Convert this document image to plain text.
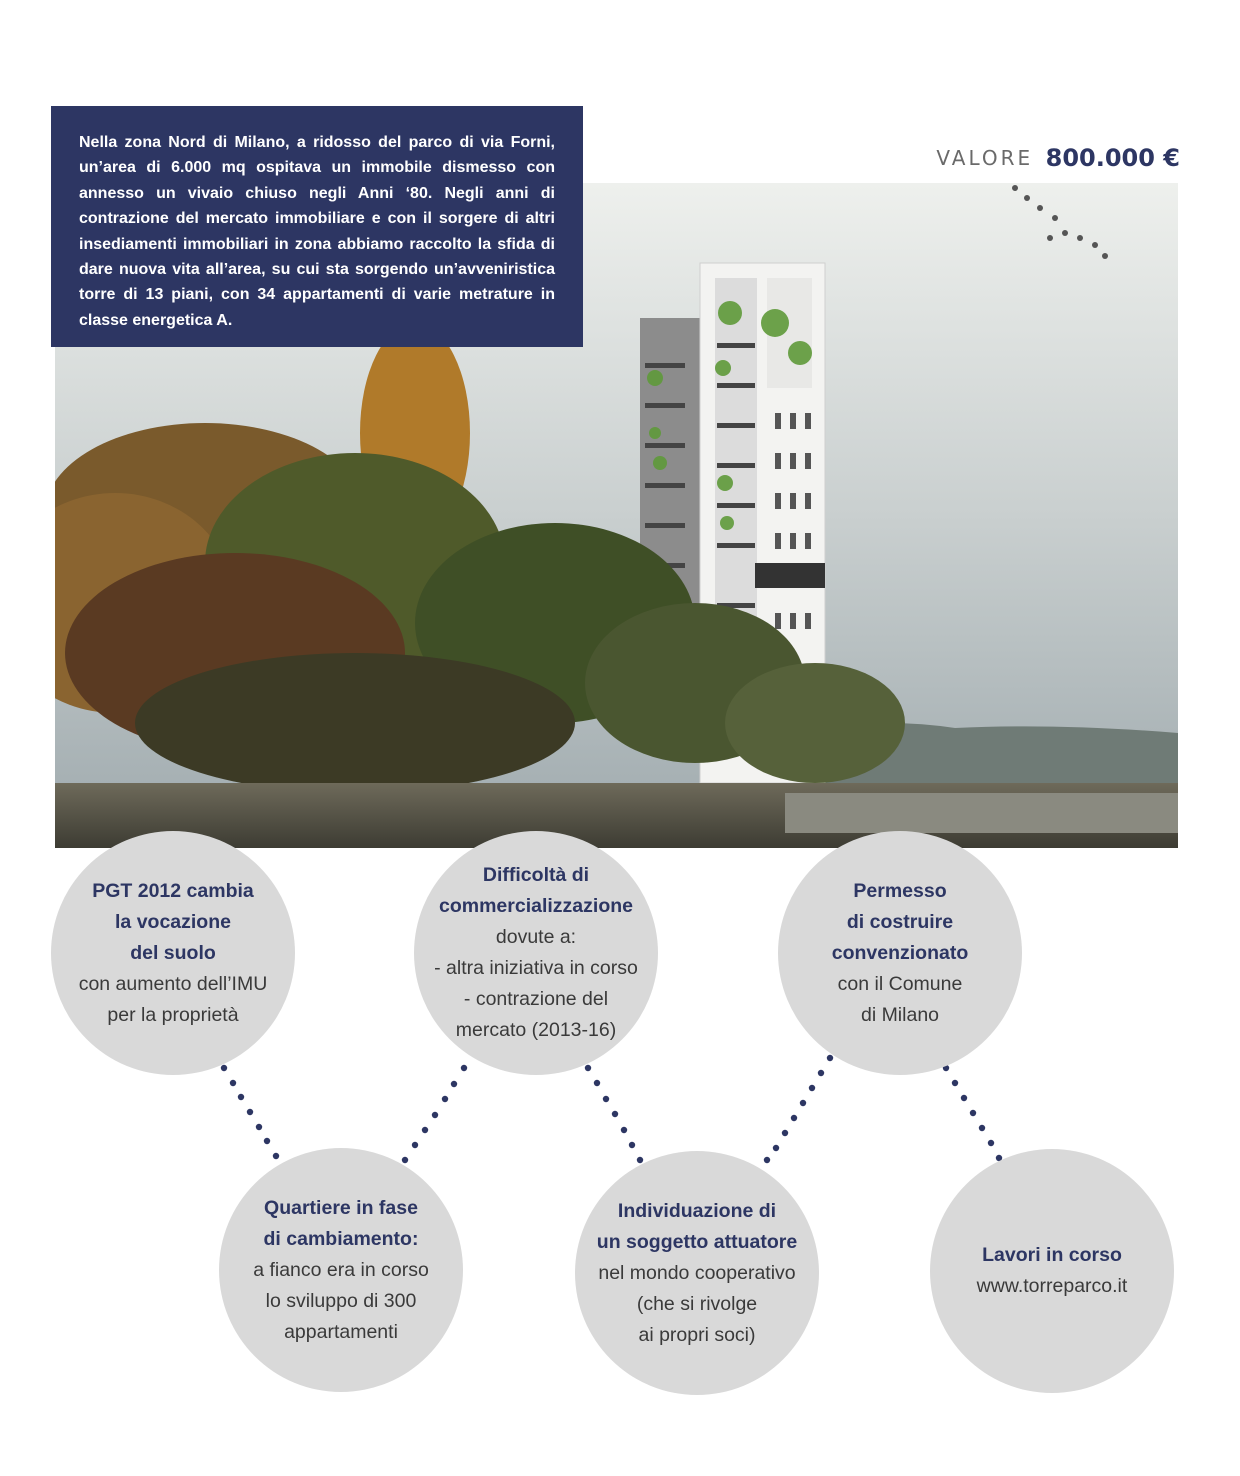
Nella zona Nord di Milano, a ridosso del parco di via Forni, un’area di 6.000 mq ospitava un immobile dismesso con annesso un vivaio chiuso negli Anni ‘80. Negli anni di contrazione del mercato immobiliare e con il sorgere di altri insediamenti immobiliari in zona abbiamo raccolto la sfida di dare nuova vita all’area, su cui sta sorgendo un’avveniristica torre di 13 piani, con 34 appartamenti di varie metrature in classe energetica A.
VALORE 800.000 €
PGT 2012 cambia
la vocazione
del suolo
con aumento dell’IMU
per la proprietà
Quartiere in fase
di cambiamento:
a fianco era in corso
lo sviluppo di 300
appartamenti
Difficoltà di
commercializzazione
dovute a:
- altra iniziativa in corso
- contrazione del
mercato (2013-16)
Individuazione di
un soggetto attuatore
nel mondo cooperativo
(che si rivolge
ai propri soci)
Permesso
di costruire
convenzionato
con il Comune
di Milano
Lavori in corso
www.torreparco.it
